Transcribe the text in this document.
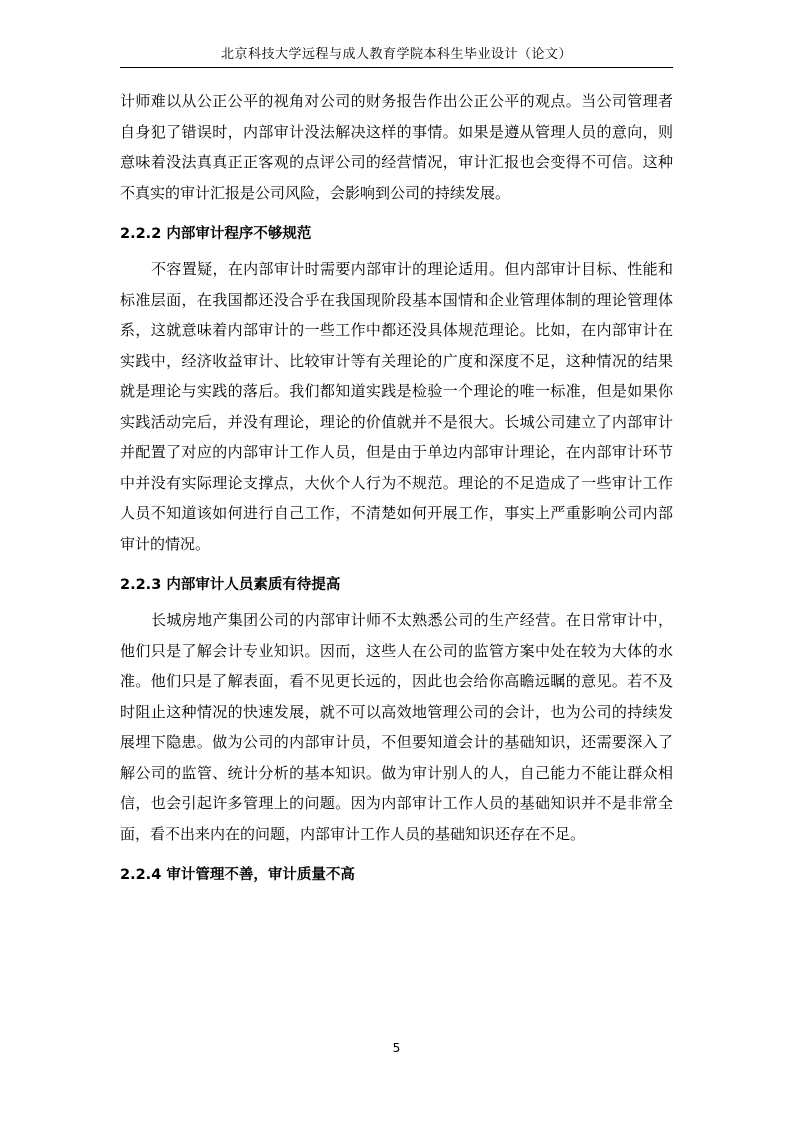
北京科技大学远程与成人教育学院本科生毕业设计（论文）

计师难以从公正公平的视角对公司的财务报告作出公正公平的观点。当公司管理者自身犯了错误时，内部审计没法解决这样的事情。如果是遵从管理人员的意向，则意味着没法真真正正客观的点评公司的经营情况，审计汇报也会变得不可信。这种不真实的审计汇报是公司风险，会影响到公司的持续发展。

2.2.2 内部审计程序不够规范

不容置疑，在内部审计时需要内部审计的理论适用。但内部审计目标、性能和标准层面，在我国都还没合乎在我国现阶段基本国情和企业管理体制的理论管理体系，这就意味着内部审计的一些工作中都还没具体规范理论。比如，在内部审计在实践中，经济收益审计、比较审计等有关理论的广度和深度不足，这种情况的结果就是理论与实践的落后。我们都知道实践是检验一个理论的唯一标准，但是如果你实践活动完后，并没有理论，理论的价值就并不是很大。长城公司建立了内部审计并配置了对应的内部审计工作人员，但是由于单边内部审计理论，在内部审计环节中并没有实际理论支撑点，大伙个人行为不规范。理论的不足造成了一些审计工作人员不知道该如何进行自己工作，不清楚如何开展工作，事实上严重影响公司内部审计的情况。

2.2.3 内部审计人员素质有待提高

长城房地产集团公司的内部审计师不太熟悉公司的生产经营。在日常审计中，他们只是了解会计专业知识。因而，这些人在公司的监管方案中处在较为大体的水准。他们只是了解表面，看不见更长远的，因此也会给你高瞻远瞩的意见。若不及时阻止这种情况的快速发展，就不可以高效地管理公司的会计，也为公司的持续发展埋下隐患。做为公司的内部审计员，不但要知道会计的基础知识，还需要深入了解公司的监管、统计分析的基本知识。做为审计别人的人，自己能力不能让群众相信，也会引起许多管理上的问题。因为内部审计工作人员的基础知识并不是非常全面，看不出来内在的问题，内部审计工作人员的基础知识还存在不足。

2.2.4 审计管理不善，审计质量不高
5
